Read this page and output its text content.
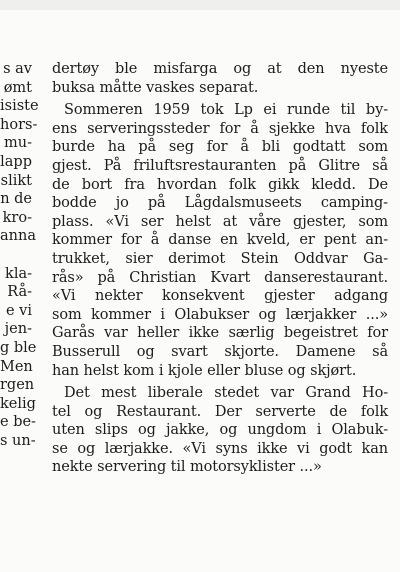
s av
ømt
isiste
hors-
mu-
lapp
slikt
n de
kro-
anna
kla-
Rå-
e vi
jen-
g ble
Men
rgen
kelig
e be-
s un-
dertøy ble misfarga og at den nyeste
buksa måtte vaskes separat.
Sommeren 1959 tok Lp ei runde til by-
ens serveringssteder for å sjekke hva folk
burde ha på seg for å bli godtatt som
gjest. På friluftsrestauranten på Glitre så
de bort fra hvordan folk gikk kledd. De
bodde jo på Lågdalsmuseets camping-
plass. «Vi ser helst at våre gjester, som
kommer for å danse en kveld, er pent an-
trukket, sier derimot Stein Oddvar Ga-
rås» på Christian Kvart danserestaurant.
«Vi nekter konsekvent gjester adgang
som kommer i Olabukser og lærjakker ...»
Garås var heller ikke særlig begeistret for
Busserull og svart skjorte. Damene så
han helst kom i kjole eller bluse og skjørt.
Det mest liberale stedet var Grand Ho-
tel og Restaurant. Der serverte de folk
uten slips og jakke, og ungdom i Olabuk-
se og lærjakke. «Vi syns ikke vi godt kan
nekte servering til motorsyklister ...»
